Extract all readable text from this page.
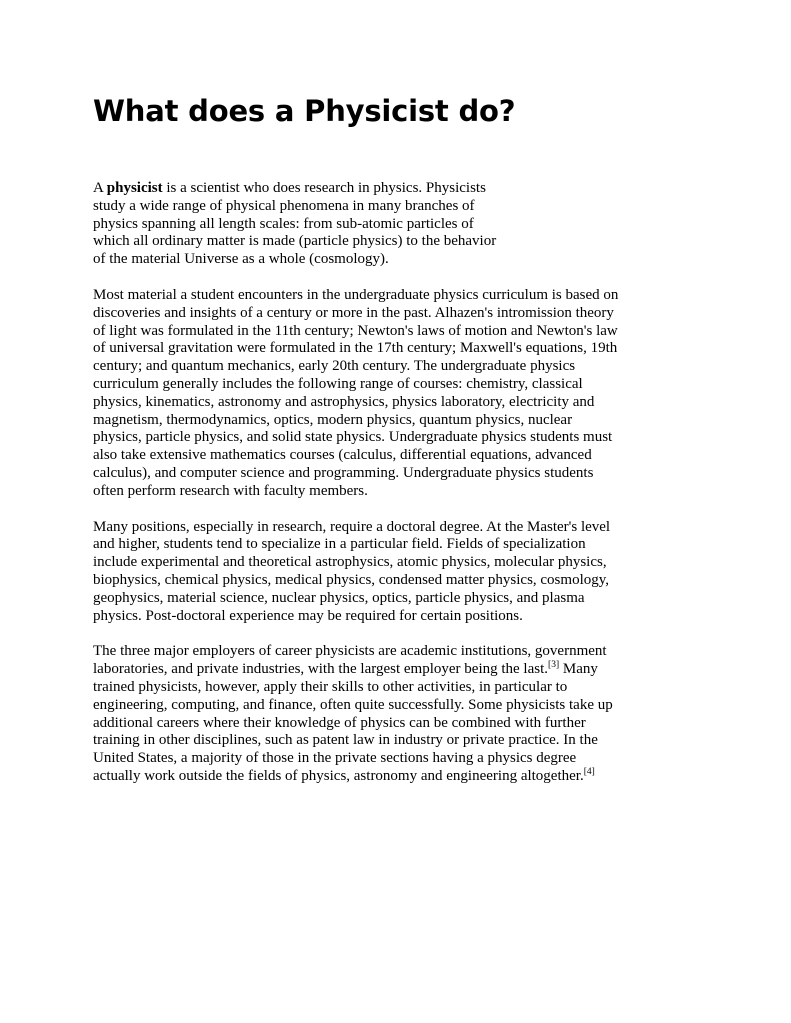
What does a Physicist do?

A physicist is a scientist who does research in physics. Physicists study a wide range of physical phenomena in many branches of physics spanning all length scales: from sub-atomic particles of which all ordinary matter is made (particle physics) to the behavior of the material Universe as a whole (cosmology).

Most material a student encounters in the undergraduate physics curriculum is based on discoveries and insights of a century or more in the past. Alhazen's intromission theory of light was formulated in the 11th century; Newton's laws of motion and Newton's law of universal gravitation were formulated in the 17th century; Maxwell's equations, 19th century; and quantum mechanics, early 20th century. The undergraduate physics curriculum generally includes the following range of courses: chemistry, classical physics, kinematics, astronomy and astrophysics, physics laboratory, electricity and magnetism, thermodynamics, optics, modern physics, quantum physics, nuclear physics, particle physics, and solid state physics. Undergraduate physics students must also take extensive mathematics courses (calculus, differential equations, advanced calculus), and computer science and programming. Undergraduate physics students often perform research with faculty members.

Many positions, especially in research, require a doctoral degree. At the Master's level and higher, students tend to specialize in a particular field. Fields of specialization include experimental and theoretical astrophysics, atomic physics, molecular physics, biophysics, chemical physics, medical physics, condensed matter physics, cosmology, geophysics, material science, nuclear physics, optics, particle physics, and plasma physics. Post-doctoral experience may be required for certain positions.

The three major employers of career physicists are academic institutions, government laboratories, and private industries, with the largest employer being the last.[3] Many trained physicists, however, apply their skills to other activities, in particular to engineering, computing, and finance, often quite successfully. Some physicists take up additional careers where their knowledge of physics can be combined with further training in other disciplines, such as patent law in industry or private practice. In the United States, a majority of those in the private sections having a physics degree actually work outside the fields of physics, astronomy and engineering altogether.[4]
